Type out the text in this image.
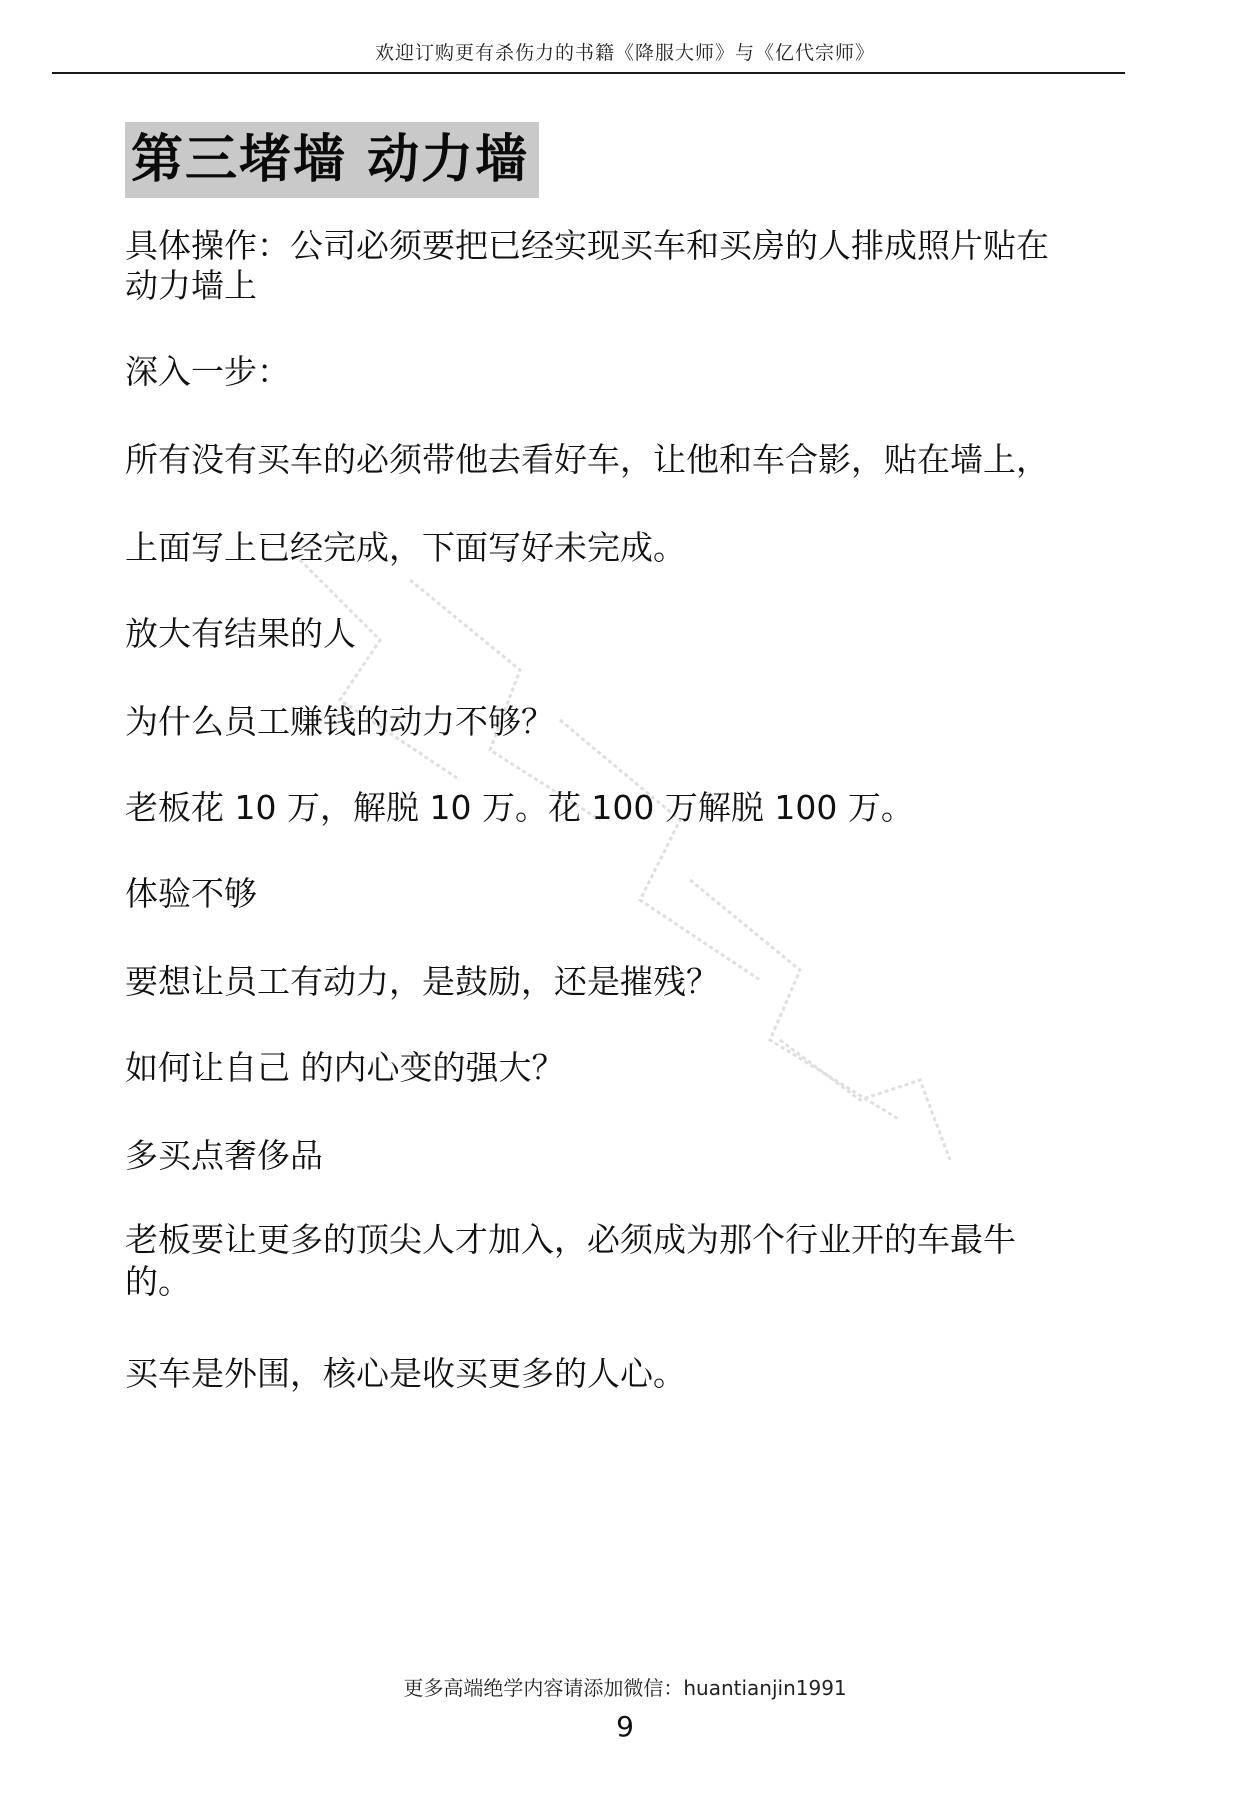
欢迎订购更有杀伤力的书籍《降服大师》与《亿代宗师》
第三堵墙 动力墙

具体操作：公司必须要把已经实现买车和买房的人排成照片贴在

动力墙上

深入一步：

所有没有买车的必须带他去看好车，让他和车合影，贴在墙上，

上面写上已经完成，下面写好未完成。

放大有结果的人

为什么员工赚钱的动力不够？

老板花 10 万，解脱 10 万。花 100 万解脱 100 万。

体验不够

要想让员工有动力，是鼓励，还是摧残？

如何让自己 的内心变的强大？

多买点奢侈品

老板要让更多的顶尖人才加入，必须成为那个行业开的车最牛

的。

买车是外围，核心是收买更多的人心。

更多高端绝学内容请添加微信：huantianjin1991
9
